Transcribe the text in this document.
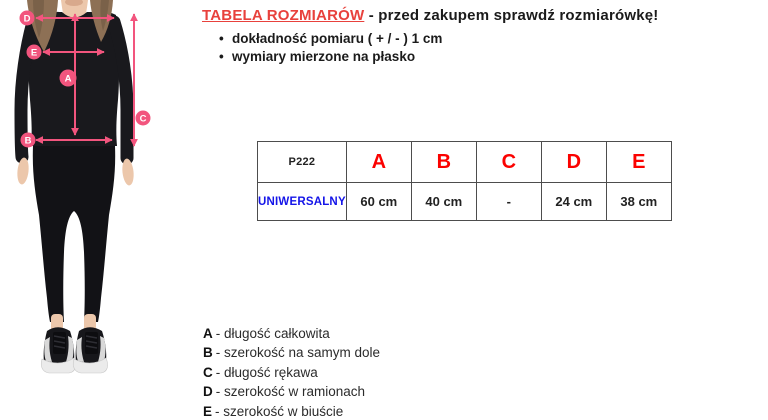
D
E
A
C
B
TABELA ROZMIARÓW - przed zakupem sprawdź rozmiarówkę!
• dokładność pomiaru ( + / - ) 1 cm
• wymiary mierzone na płasko
P222	A	B	C	D	E
UNIWERSALNY	60 cm	40 cm	-	24 cm	38 cm
A - długość całkowita
B - szerokość na samym dole
C - długość rękawa
D - szerokość w ramionach
E - szerokość w biuście
